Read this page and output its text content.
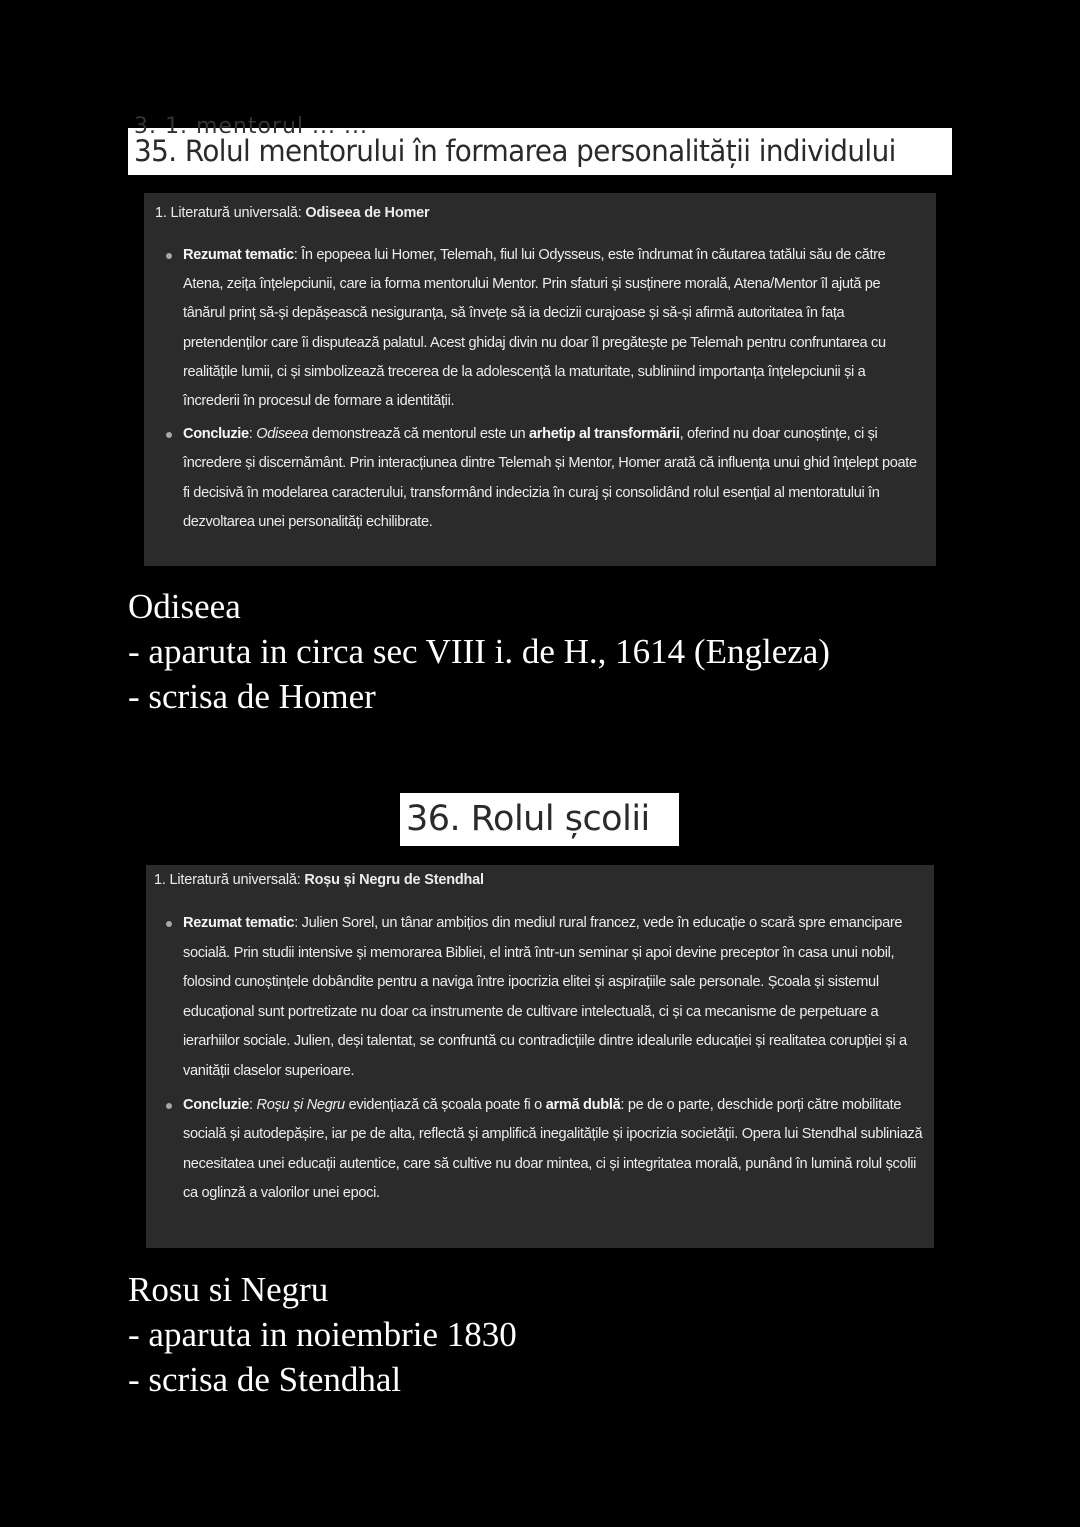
3. 1. mentorul ... ...
35. Rolul mentorului în formarea personalității individului
1. Literatură universală: Odiseea de Homer
Rezumat tematic: În epopeea lui Homer, Telemah, fiul lui Odysseus, este îndrumat în căutarea tatălui său de către Atena, zeița înțelepciunii, care ia forma mentorului Mentor. Prin sfaturi și susținere morală, Atena/Mentor îl ajută pe tânărul prinț să-și depășească nesiguranța, să învețe să ia decizii curajoase și să-și afirmă autoritatea în fața pretendenților care îi disputează palatul. Acest ghidaj divin nu doar îl pregătește pe Telemah pentru confruntarea cu realitățile lumii, ci și simbolizează trecerea de la adolescență la maturitate, subliniind importanța înțelepciunii și a încrederii în procesul de formare a identității.
Concluzie: Odiseea demonstrează că mentorul este un arhetip al transformării, oferind nu doar cunoștințe, ci și încredere și discernământ. Prin interacțiunea dintre Telemah și Mentor, Homer arată că influența unui ghid înțelept poate fi decisivă în modelarea caracterului, transformând indecizia în curaj și consolidând rolul esențial al mentoratului în dezvoltarea unei personalități echilibrate.
Odiseea
- aparuta in circa sec VIII i. de H., 1614 (Engleza)
- scrisa de Homer
36. Rolul școlii
1. Literatură universală: Roșu și Negru de Stendhal
Rezumat tematic: Julien Sorel, un tânar ambițios din mediul rural francez, vede în educație o scară spre emancipare socială. Prin studii intensive și memorarea Bibliei, el intră într-un seminar și apoi devine preceptor în casa unui nobil, folosind cunoștințele dobândite pentru a naviga între ipocrizia elitei și aspirațiile sale personale. Școala și sistemul educațional sunt portretizate nu doar ca instrumente de cultivare intelectuală, ci și ca mecanisme de perpetuare a ierarhiilor sociale. Julien, deși talentat, se confruntă cu contradicțiile dintre idealurile educației și realitatea corupției și a vanității claselor superioare.
Concluzie: Roșu și Negru evidențiază că școala poate fi o armă dublă: pe de o parte, deschide porți către mobilitate socială și autodepășire, iar pe de alta, reflectă și amplifică inegalitățile și ipocrizia societății. Opera lui Stendhal subliniază necesitatea unei educații autentice, care să cultive nu doar mintea, ci și integritatea morală, punând în lumină rolul școlii ca oglinză a valorilor unei epoci.
Rosu si Negru
- aparuta in noiembrie 1830
- scrisa de Stendhal
